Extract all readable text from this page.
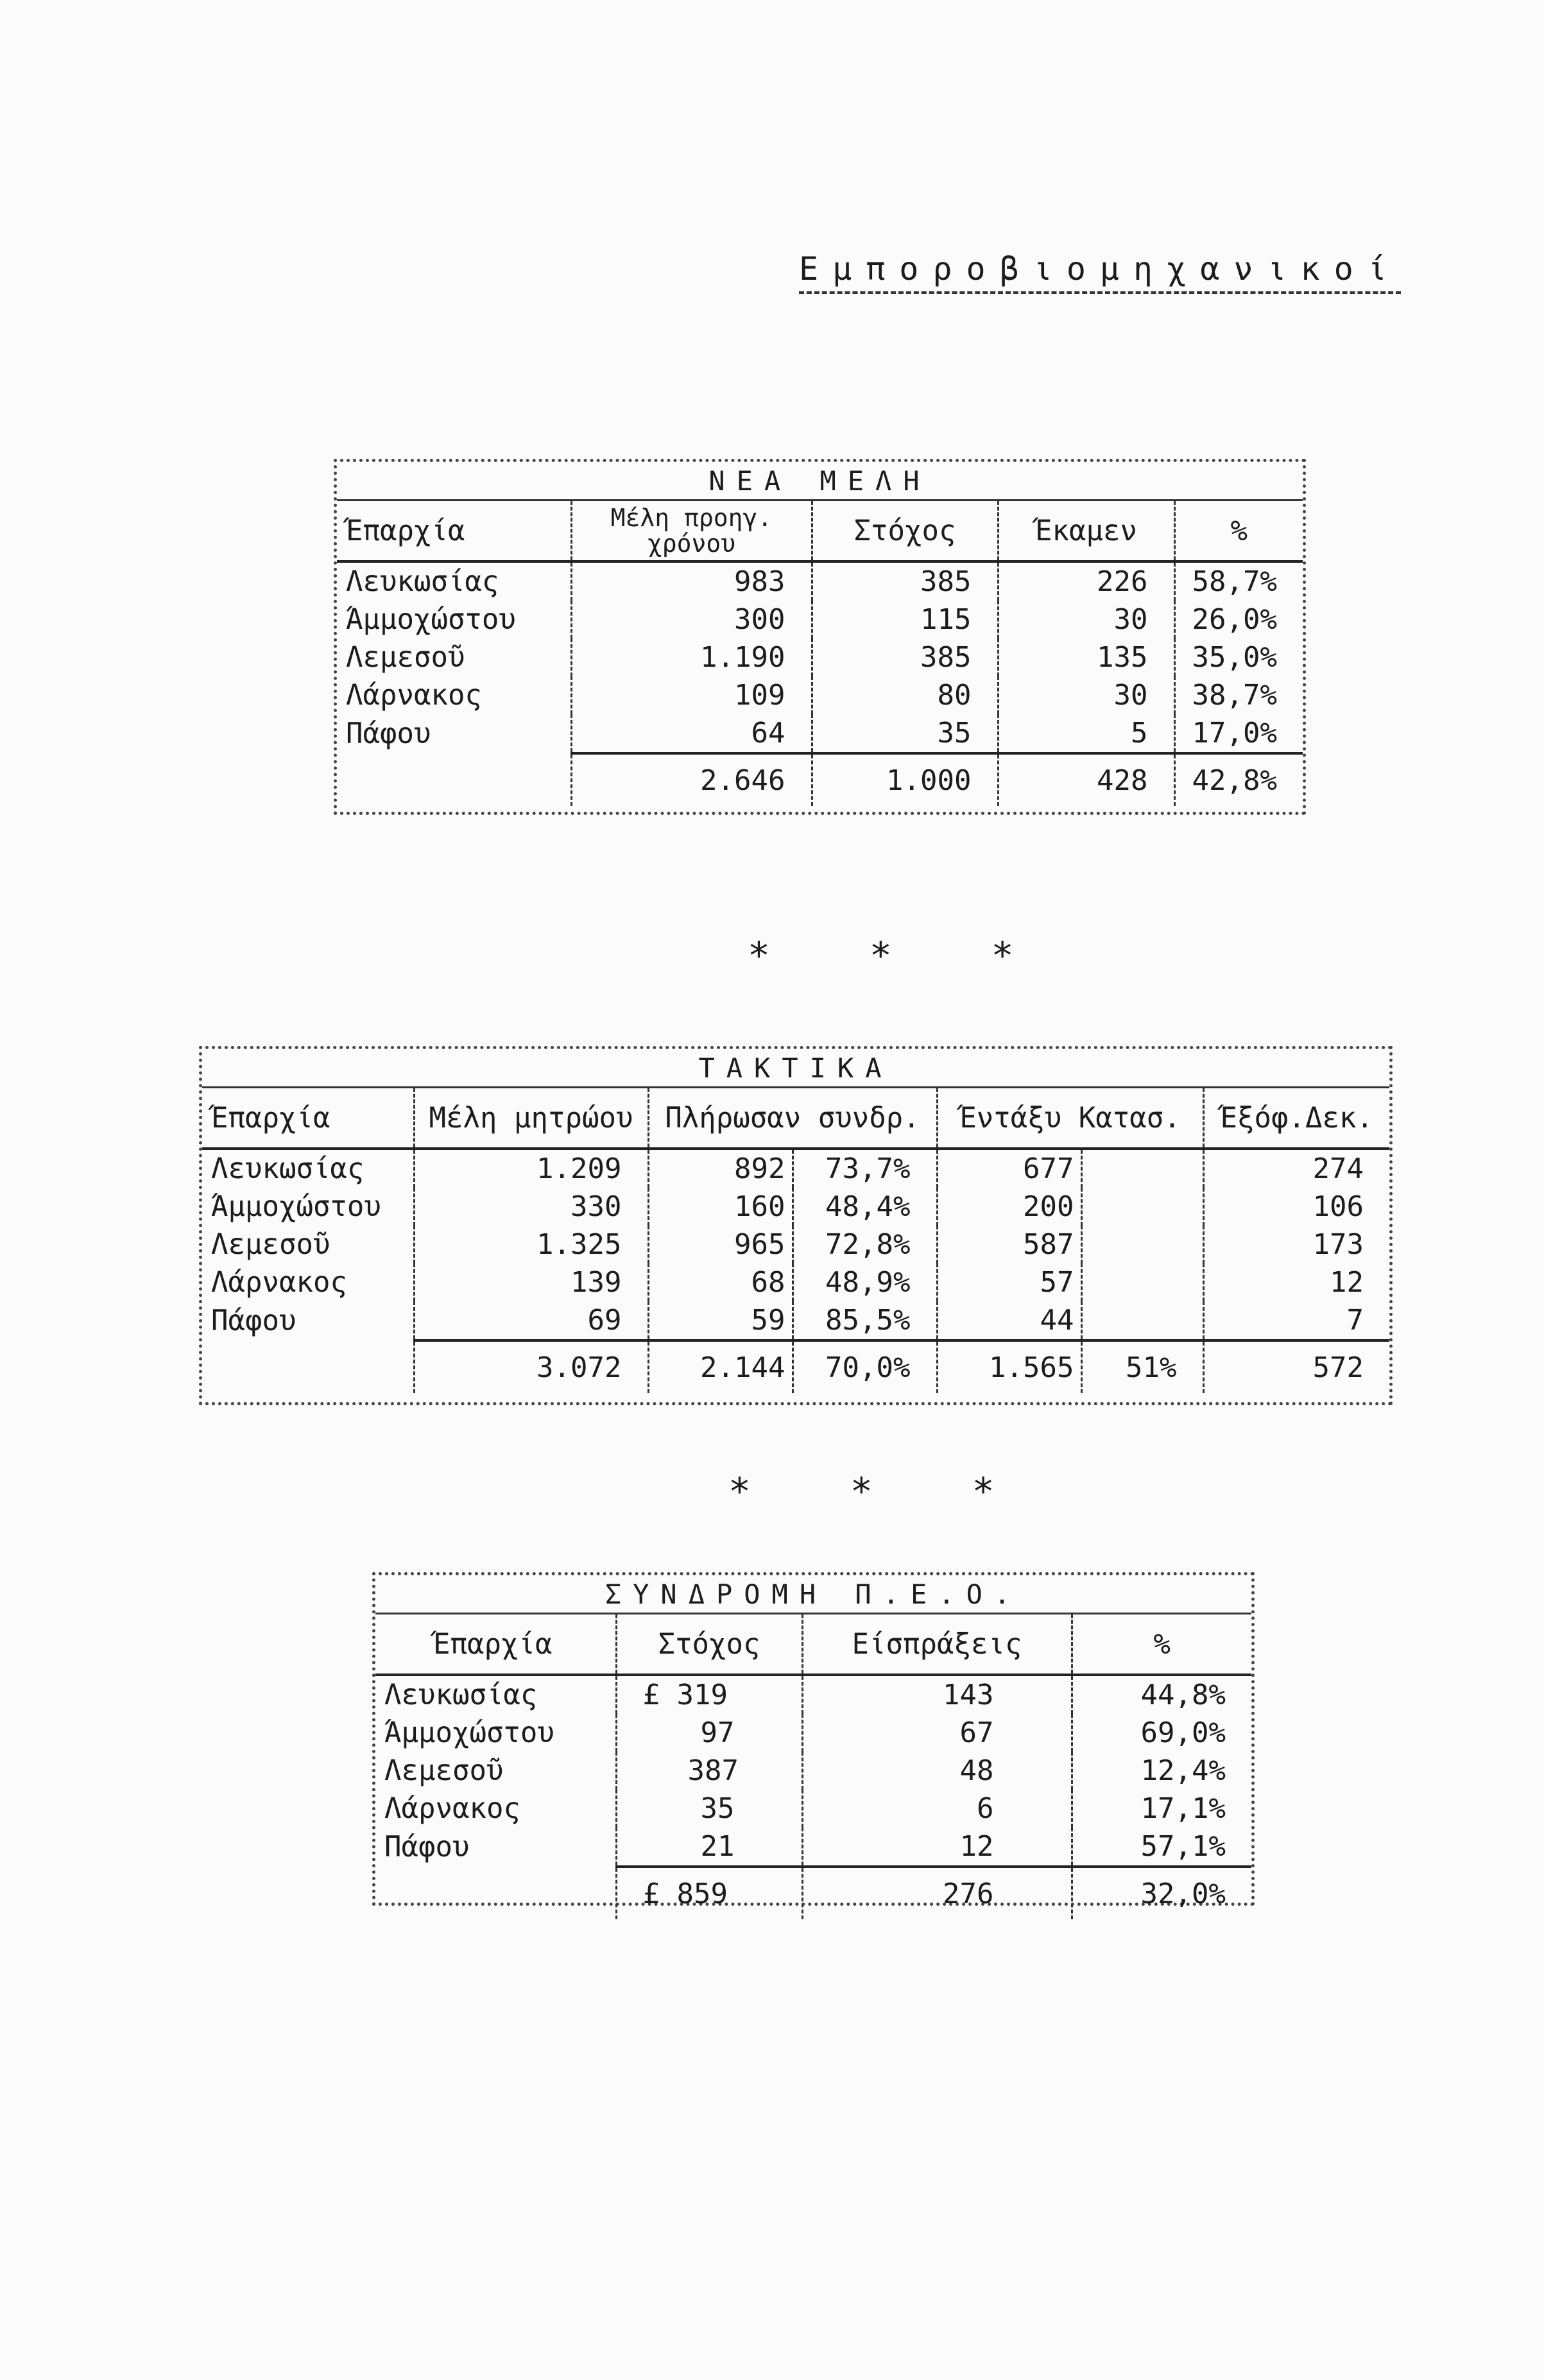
Εμποροβιομηχανικοί
ΝΕΑ ΜΕΛΗ				
Έπαρχία	Μέλη προηγ. χρόνου	Στόχος	Έκαμεν	%
Λευκωσίας	983	385	226	58,7%
Άμμοχώστου	300	115	30	26,0%
Λεμεσοῦ	1.190	385	135	35,0%
Λάρνακος	109	80	30	38,7%
Πάφου	64	35	5	17,0%
	2.646	1.000	428	42,8%
* * *
ΤΑΚΤΙΚΑ						
Έπαρχία	Μέλη μητρώου	Πλήρωσαν συνδρ.		Έντάξυ Κατασ.		Έξόφ.Δεκ.
Λευκωσίας	1.209	892	73,7%	677		274
Άμμοχώστου	330	160	48,4%	200		106
Λεμεσοῦ	1.325	965	72,8%	587		173
Λάρνακος	139	68	48,9%	57		12
Πάφου	69	59	85,5%	44		7
	3.072	2.144	70,0%	1.565	51%	572
* * *
ΣΥΝΔΡΟΜΗ Π.Ε.Ο.			
Έπαρχία	Στόχος	Είσπράξεις	%
Λευκωσίας	£ 319	143	44,8%
Άμμοχώστου	97	67	69,0%
Λεμεσοῦ	387	48	12,4%
Λάρνακος	35	6	17,1%
Πάφου	21	12	57,1%
	£ 859	276	32,0%
